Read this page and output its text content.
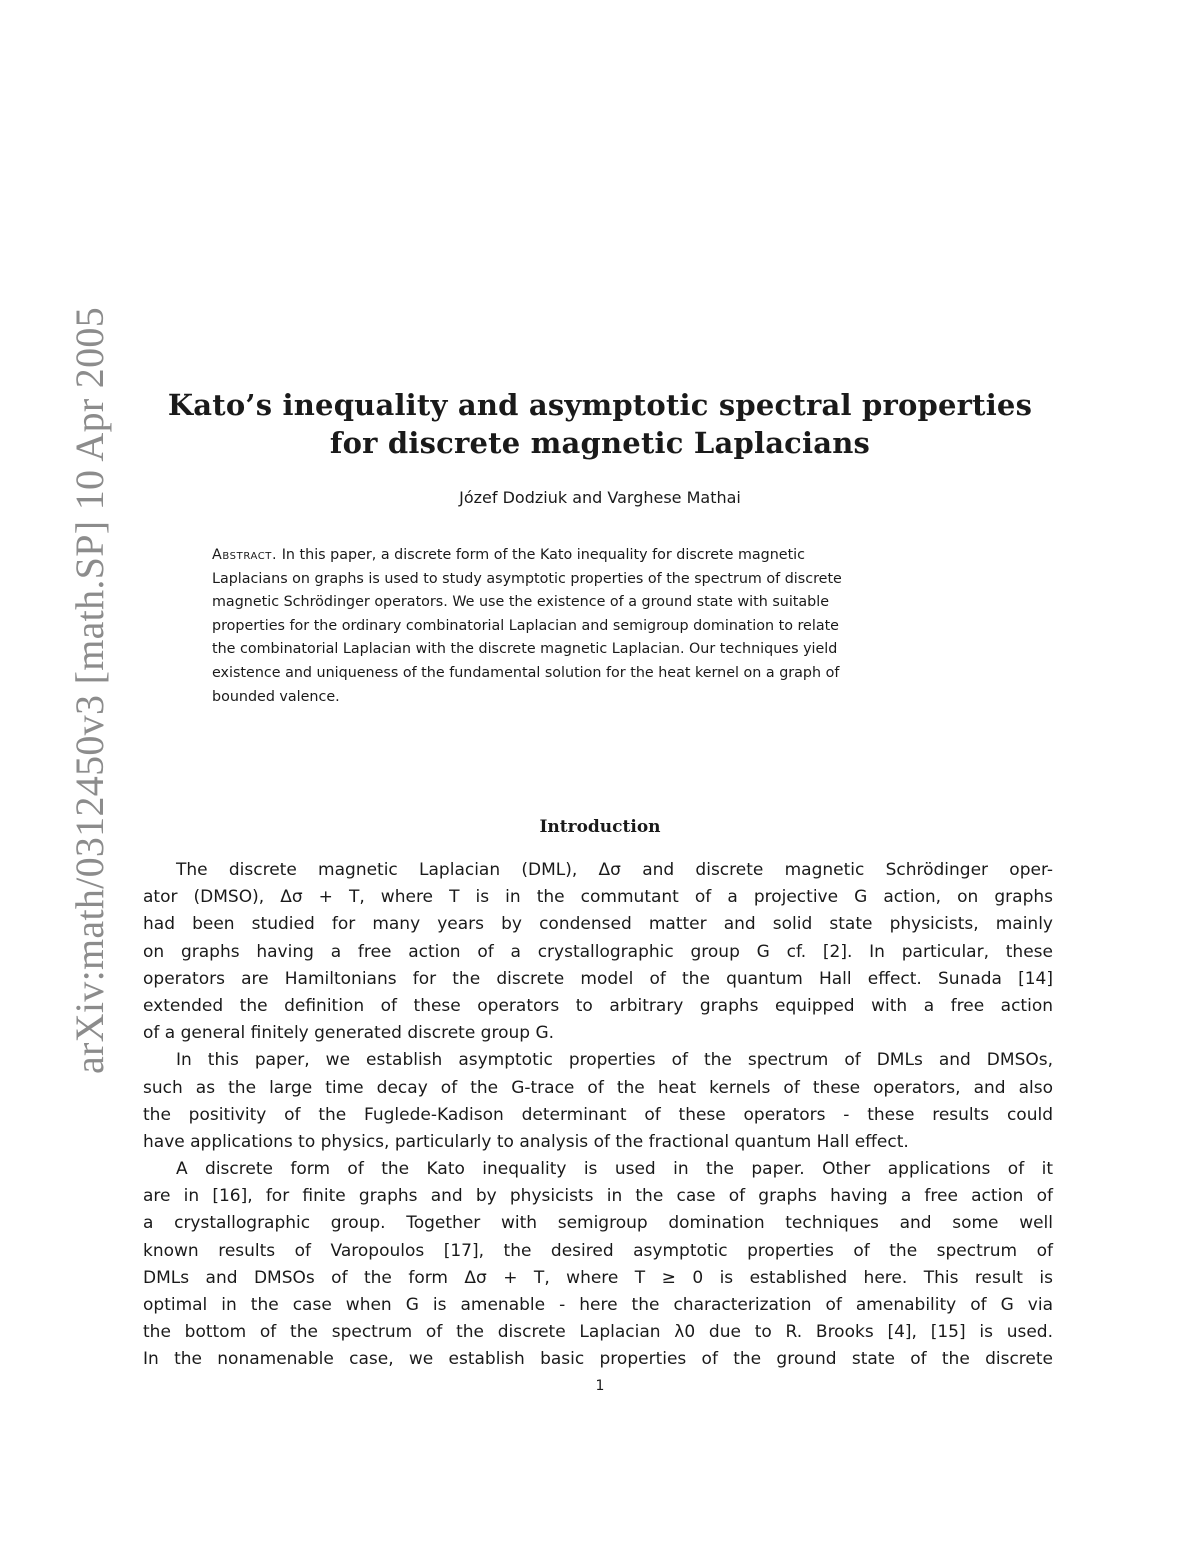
arXiv:math/0312450v3 [math.SP] 10 Apr 2005	Kato’s inequality and asymptotic spectral properties
for discrete magnetic Laplacians
Józef Dodziuk and Varghese Mathai
Abstract. In this paper, a discrete form of the Kato inequality for discrete magnetic
Laplacians on graphs is used to study asymptotic properties of the spectrum of discrete
magnetic Schrödinger operators. We use the existence of a ground state with suitable
properties for the ordinary combinatorial Laplacian and semigroup domination to relate
the combinatorial Laplacian with the discrete magnetic Laplacian. Our techniques yield
existence and uniqueness of the fundamental solution for the heat kernel on a graph of
bounded valence.
Introduction
The discrete magnetic Laplacian (DML), Δσ and discrete magnetic Schrödinger oper-
ator (DMSO), Δσ + T, where T is in the commutant of a projective G action, on graphs
had been studied for many years by condensed matter and solid state physicists, mainly
on graphs having a free action of a crystallographic group G cf. [2]. In particular, these
operators are Hamiltonians for the discrete model of the quantum Hall effect. Sunada [14]
extended the definition of these operators to arbitrary graphs equipped with a free action
of a general finitely generated discrete group G.
In this paper, we establish asymptotic properties of the spectrum of DMLs and DMSOs,
such as the large time decay of the G-trace of the heat kernels of these operators, and also
the positivity of the Fuglede-Kadison determinant of these operators - these results could
have applications to physics, particularly to analysis of the fractional quantum Hall effect.
A discrete form of the Kato inequality is used in the paper. Other applications of it
are in [16], for finite graphs and by physicists in the case of graphs having a free action of
a crystallographic group. Together with semigroup domination techniques and some well
known results of Varopoulos [17], the desired asymptotic properties of the spectrum of
DMLs and DMSOs of the form Δσ + T, where T ≥ 0 is established here. This result is
optimal in the case when G is amenable - here the characterization of amenability of G via
the bottom of the spectrum of the discrete Laplacian λ0 due to R. Brooks [4], [15] is used.
In the nonamenable case, we establish basic properties of the ground state of the discrete
1
